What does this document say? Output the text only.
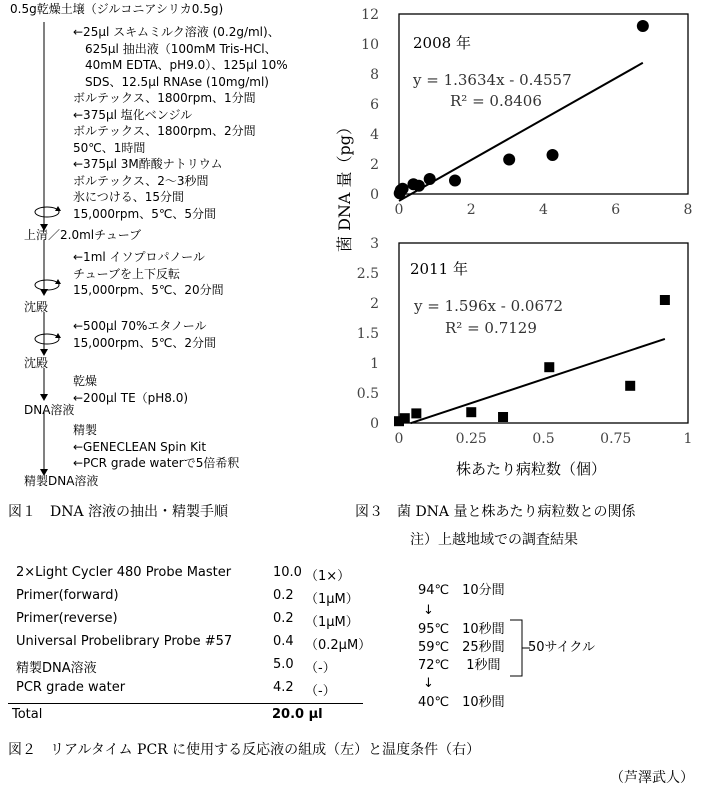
0.5g乾燥土壌（ジルコニアシリカ0.5g)
←25μl スキムミルク溶液 (0.2g/ml)、
625μl 抽出液（100mM Tris-HCl、
40mM EDTA、pH9.0）、125μl 10%
SDS、12.5μl RNAse (10mg/ml)
ボルテックス、1800rpm、1分間
←375μl 塩化ベンジル
ボルテックス、1800rpm、2分間
50℃、1時間
←375μl 3M酢酸ナトリウム
ボルテックス、2～3秒間
氷につける、15分間
15,000rpm、5℃、5分間
上清／2.0mlチューブ
←1ml イソプロパノール
チューブを上下反転
15,000rpm、5℃、20分間
沈殿
←500μl 70%エタノール
15,000rpm、5℃、2分間
沈殿
乾燥
←200μl TE（pH8.0)
DNA溶液
精製
←GENECLEAN Spin Kit
←PCR grade waterで5倍希釈
精製DNA溶液
図１　DNA 溶液の抽出・精製手順
0
2
4
6
8
10
12
0	2	4	6	8
2008 年
y = 1.3634x - 0.4557
R² = 0.8406
0
0.5
1
1.5
2
2.5
3
0	0.25	0.5	0.75	1
2011 年
y = 1.596x - 0.0672
R² = 0.7129
菌 DNA 量（pg）
株あたり病粒数（個）
図３　菌 DNA 量と株あたり病粒数との関係
注）上越地域での調査結果
2×Light Cycler 480 Probe Master	10.0 （1×）
Primer(forward)	0.2 （1μM）
Primer(reverse)	0.2 （1μM）
Universal Probelibrary Probe #57	0.4 （0.2μM）
精製DNA溶液	5.0 （-）
PCR grade water	4.2 （-）
Total	20.0 μl
94℃　10分間
↓
95℃　10秒間
59℃　25秒間
72℃　 1秒間
50サイクル
↓
40℃　10秒間
図２　リアルタイム PCR に使用する反応液の組成（左）と温度条件（右）
（芦澤武人）
